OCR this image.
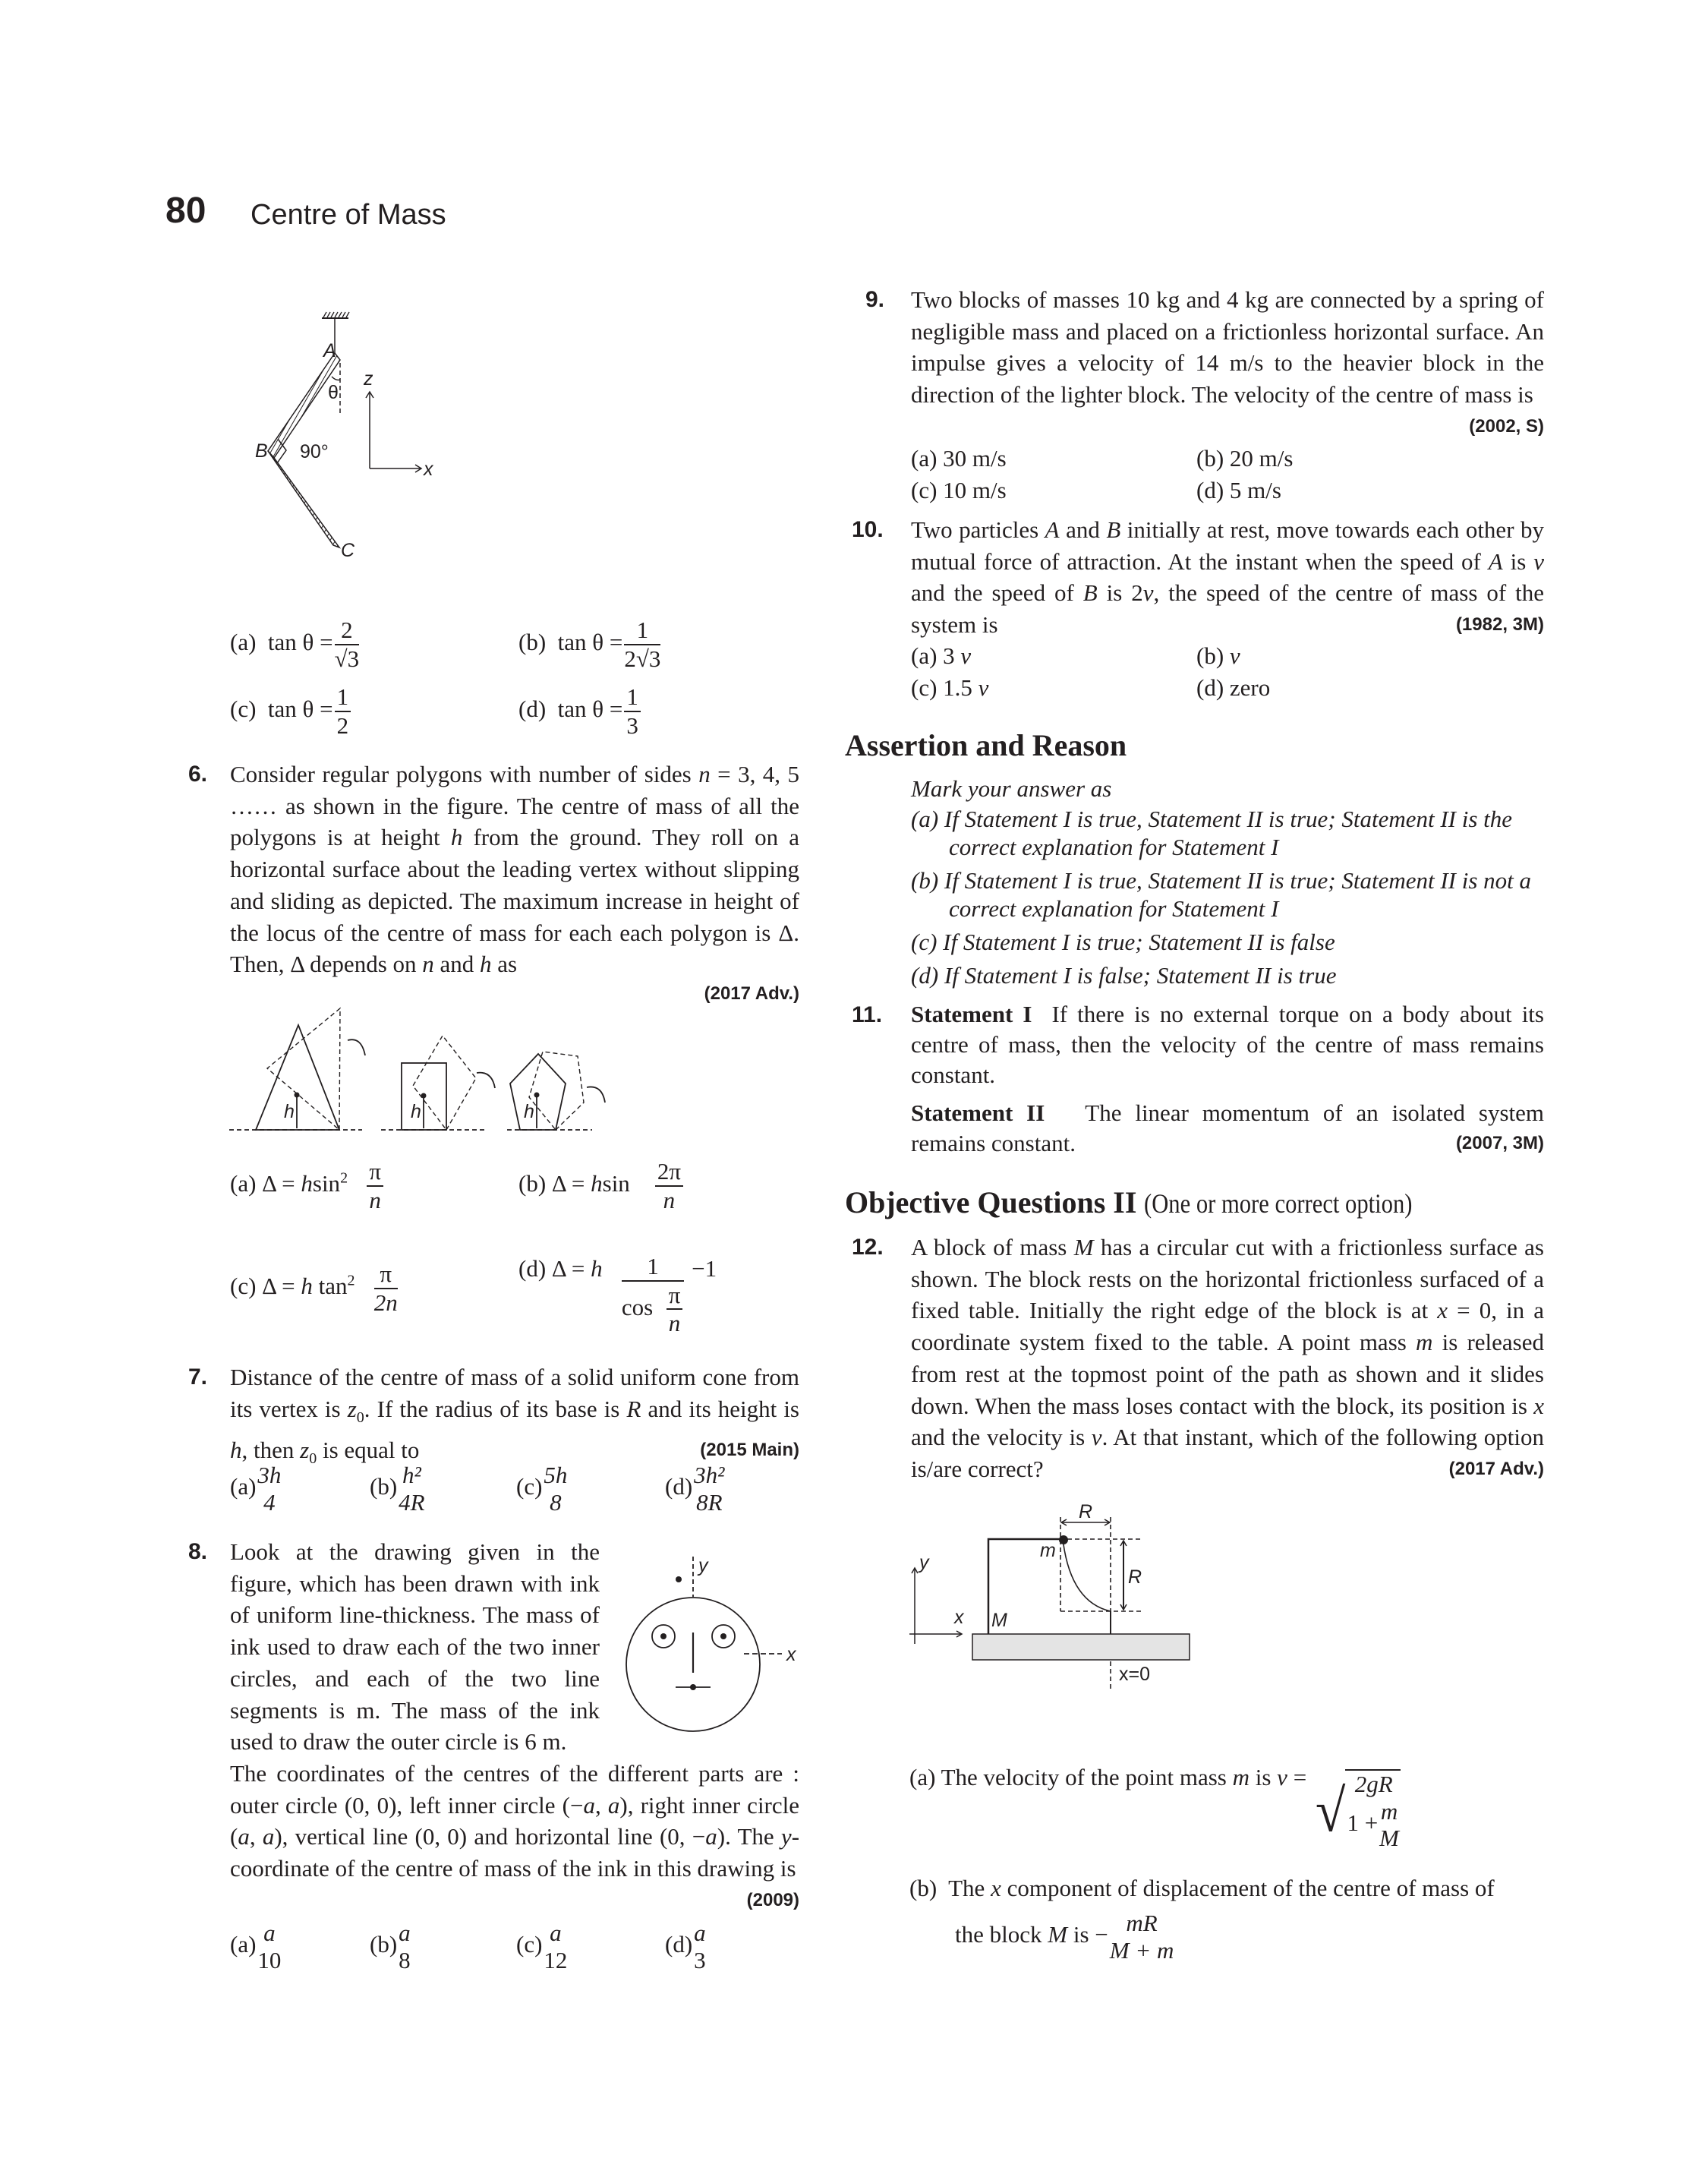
80 Centre of Mass
A
θ
B 90°
C
z
x
(a) $\tan \theta = \frac{2}{√3}$	(b) $\tan \theta = \frac{1}{2√3}$
(c) $\tan \theta = \frac{1}{2}$	(d) $\tan \theta = \frac{1}{3}$
6. Consider regular polygons with number of sides n = 3, 4, 5 …… as shown in the figure. The centre of mass of all the polygons is at height h from the ground. They roll on a horizontal surface about the leading vertex without slipping and sliding as depicted. The maximum increase in height of the locus of the centre of mass for each each polygon is Δ. Then, Δ depends on n and h as
(2017 Adv.)
h	h	h
(a) $\Delta = hsin^2 \frac{\pi}{n}$	(b) Δ = hsin $\frac{2\pi}{n}$
(c) Δ = h $\tan^2 \frac{\pi}{2n}$	(d) Δ = h $\frac{1}{\cos \frac{\pi}{n}} -1$
7. Distance of the centre of mass of a solid uniform cone from its vertex is $z_0$. If the radius of its base is R and its height is h, then $z_0$ is equal to	(2015 Main)

(a) 3h
4
(b) h²
4R
(c) 5h
8
(d) 3h²
8R
8. Look at the drawing given in the figure, which has been drawn with ink of uniform line-thickness. The mass of ink used to draw each of the two inner circles, and each of the two line segments is m. The mass of the ink used to draw the outer circle is 6 m.

The coordinates of the centres of the different parts are : outer circle (0, 0), left inner circle (−a, a), right inner circle (a, a), vertical line (0, 0) and horizontal line (0, −a). The y-coordinate of the centre of mass of the ink in this drawing is
(2009)

y
x
(a) a
10
(b) a
8
(c) a
12
(d) a
3
9. Two blocks of masses 10 kg and 4 kg are connected by a spring of negligible mass and placed on a frictionless horizontal surface. An impulse gives a velocity of 14 m/s to the heavier block in the direction of the lighter block. The velocity of the centre of mass is
(2002, S)

(a) 30 m/s	(b) 20 m/s
(c) 10 m/s	(d) 5 m/s
10. Two particles A and B initially at rest, move towards each other by mutual force of attraction. At the instant when the speed of A is v and the speed of B is 2v, the speed of the centre of mass of the system is	(1982, 3M)

(a) 3 v	(b) v
(c) 1.5 v	(d) zero
Assertion and Reason
Mark your answer as
(a) If Statement I is true, Statement II is true; Statement II is the correct explanation for Statement I
(b) If Statement I is true, Statement II is true; Statement II is not a correct explanation for Statement I
(c) If Statement I is true; Statement II is false
(d) If Statement I is false; Statement II is true
11. Statement I If there is no external torque on a body about its centre of mass, then the velocity of the centre of mass remains constant.

Statement II The linear momentum of an isolated system remains constant.	(2007, 3M)

Objective Questions II (One or more correct option)
12. A block of mass M has a circular cut with a frictionless surface as shown. The block rests on the horizontal frictionless surfaced of a fixed table. Initially the right edge of the block is at x = 0, in a coordinate system fixed to the table. A point mass m is released from rest at the topmost point of the path as shown and it slides down. When the mass loses contact with the block, its position is x and the velocity is v. At that instant, which of the following option is/are correct?	(2017 Adv.)

R
R
m
M
x
y
x=0
(a) The velocity of the point mass m is v =
√ 2gR
1 + m
M
(b) The x component of displacement of the centre of mass of
the block M is − mR
M + m
